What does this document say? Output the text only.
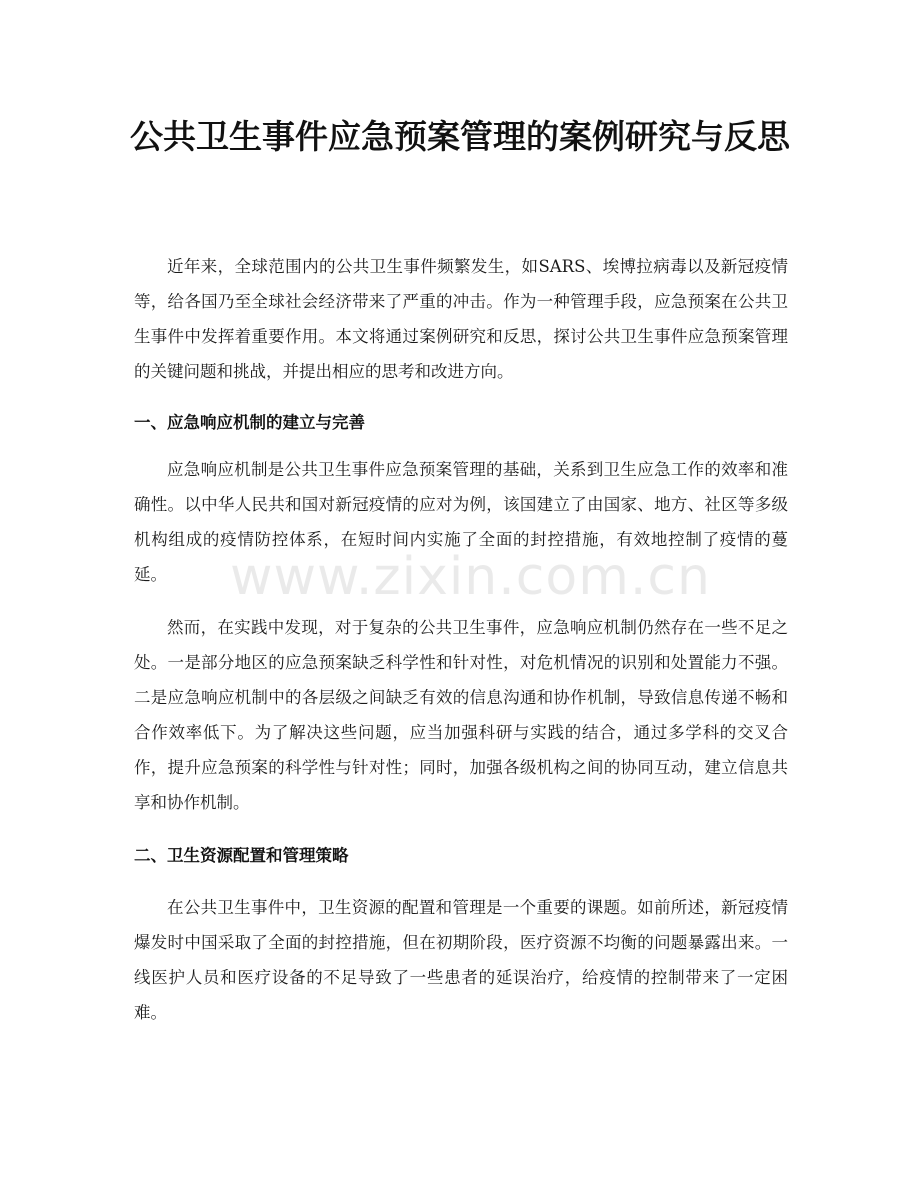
公共卫生事件应急预案管理的案例研究与反思

近年来，全球范围内的公共卫生事件频繁发生，如SARS、埃博拉病毒以及新冠疫情等，给各国乃至全球社会经济带来了严重的冲击。作为一种管理手段，应急预案在公共卫生事件中发挥着重要作用。本文将通过案例研究和反思，探讨公共卫生事件应急预案管理的关键问题和挑战，并提出相应的思考和改进方向。

一、应急响应机制的建立与完善

应急响应机制是公共卫生事件应急预案管理的基础，关系到卫生应急工作的效率和准确性。以中华人民共和国对新冠疫情的应对为例，该国建立了由国家、地方、社区等多级机构组成的疫情防控体系，在短时间内实施了全面的封控措施，有效地控制了疫情的蔓延。

然而，在实践中发现，对于复杂的公共卫生事件，应急响应机制仍然存在一些不足之处。一是部分地区的应急预案缺乏科学性和针对性，对危机情况的识别和处置能力不强。二是应急响应机制中的各层级之间缺乏有效的信息沟通和协作机制，导致信息传递不畅和合作效率低下。为了解决这些问题，应当加强科研与实践的结合，通过多学科的交叉合作，提升应急预案的科学性与针对性；同时，加强各级机构之间的协同互动，建立信息共享和协作机制。

二、卫生资源配置和管理策略

在公共卫生事件中，卫生资源的配置和管理是一个重要的课题。如前所述，新冠疫情爆发时中国采取了全面的封控措施，但在初期阶段，医疗资源不均衡的问题暴露出来。一线医护人员和医疗设备的不足导致了一些患者的延误治疗，给疫情的控制带来了一定困难。

www.zixin.com.cn
